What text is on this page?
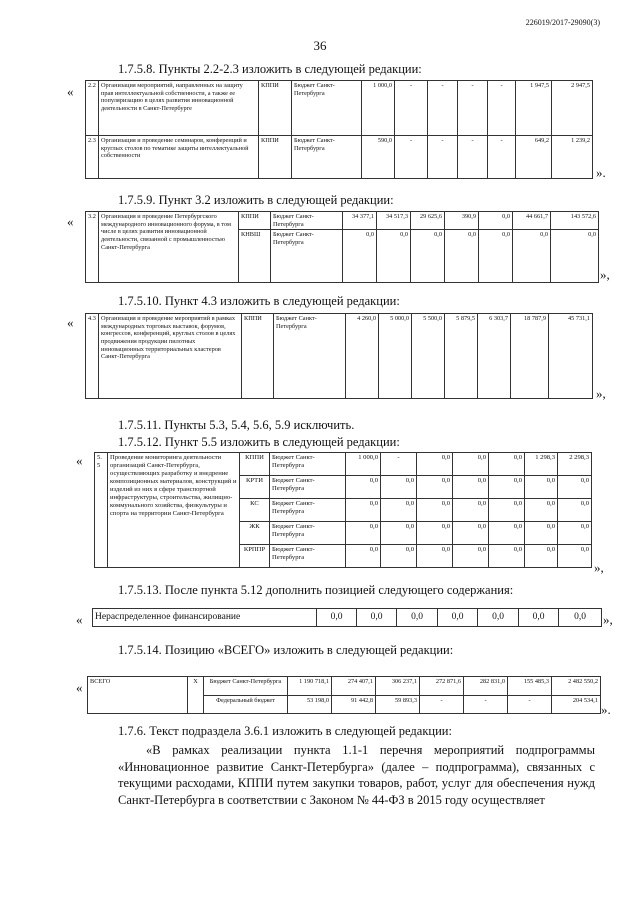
226019/2017-29090(3)
36
1.7.5.8. Пункты 2.2-2.3 изложить в следующей редакции:
« 2.2	Организация мероприятий, направленных на защиту прав интеллектуальной собственности, а также ее популяризацию в целях развития инновационной деятельности в Санкт-Петербурге	КППИ	Бюджет Санкт-Петербурга	1 000,0	-	-	-	-	1 947,5	2 947,5
2.3	Организация и проведение семинаров, конференций и круглых столов по тематике защиты интеллектуальной собственности	КППИ	Бюджет Санкт-Петербурга	590,0	-	-	-	-	649,2	1 239,2
».
1.7.5.9. Пункт 3.2 изложить в следующей редакции:
« 3.2	Организация и проведение Петербургского международного инновационного форума, в том числе в целях развития инновационной деятельности, связанной с промышленностью Санкт-Петербурга	КППИ	Бюджет Санкт-Петербурга	34 377,1	34 517,3	29 625,6	390,9	0,0	44 661,7	143 572,6
		КНВШ	Бюджет Санкт-Петербурга	0,0	0,0	0,0	0,0	0,0	0,0	0,0
»,
1.7.5.10. Пункт 4.3 изложить в следующей редакции:
« 4.3	Организация и проведение мероприятий в рамках международных торговых выставок, форумов, конгрессов, конференций, круглых столов в целях продвижения продукции пилотных инновационных территориальных кластеров Санкт-Петербурга	КППИ	Бюджет Санкт-Петербурга	4 260,0	5 000,0	5 500,0	5 879,5	6 303,7	18 787,9	45 731,1
»,
1.7.5.11. Пункты 5.3, 5.4, 5.6, 5.9 исключить.
1.7.5.12. Пункт 5.5 изложить в следующей редакции:
« 5.5	Проведение мониторинга деятельности организаций Санкт-Петербурга, осуществляющих разработку и внедрение композиционных материалов, конструкций и изделий из них в сфере транспортной инфраструктуры, строительства, жилищно-коммунального хозяйства, физкультуры и спорта на территории Санкт-Петербурга	КППИ	Бюджет Санкт-Петербурга	1 000,0	-	0,0	0,0	0,0	1 298,3	2 298,3
		КРТИ	Бюджет Санкт-Петербурга	0,0	0,0	0,0	0,0	0,0	0,0	0,0
		КС	Бюджет Санкт-Петербурга	0,0	0,0	0,0	0,0	0,0	0,0	0,0
		ЖК	Бюджет Санкт-Петербурга	0,0	0,0	0,0	0,0	0,0	0,0	0,0
		КРППР	Бюджет Санкт-Петербурга	0,0	0,0	0,0	0,0	0,0	0,0	0,0
»,
1.7.5.13. После пункта 5.12 дополнить позицией следующего содержания:
« Нераспределенное финансирование	0,0	0,0	0,0	0,0	0,0	0,0	0,0 »,
1.7.5.14. Позицию «ВСЕГО» изложить в следующей редакции:
« ВСЕГО	Х	Бюджет Санкт-Петербурга	1 190 718,1	274 407,1	306 237,1	272 871,6	282 831,0	155 485,3	2 482 550,2
		Федеральный бюджет	53 198,0	91 442,8	59 893,3	-	-	-	204 534,1
».
1.7.6. Текст подраздела 3.6.1 изложить в следующей редакции:
«В рамках реализации пункта 1.1-1 перечня мероприятий подпрограммы «Инновационное развитие Санкт-Петербурга» (далее – подпрограмма), связанных с текущими расходами, КППИ путем закупки товаров, работ, услуг для обеспечения нужд Санкт-Петербурга в соответствии с Законом № 44-ФЗ в 2015 году осуществляет
